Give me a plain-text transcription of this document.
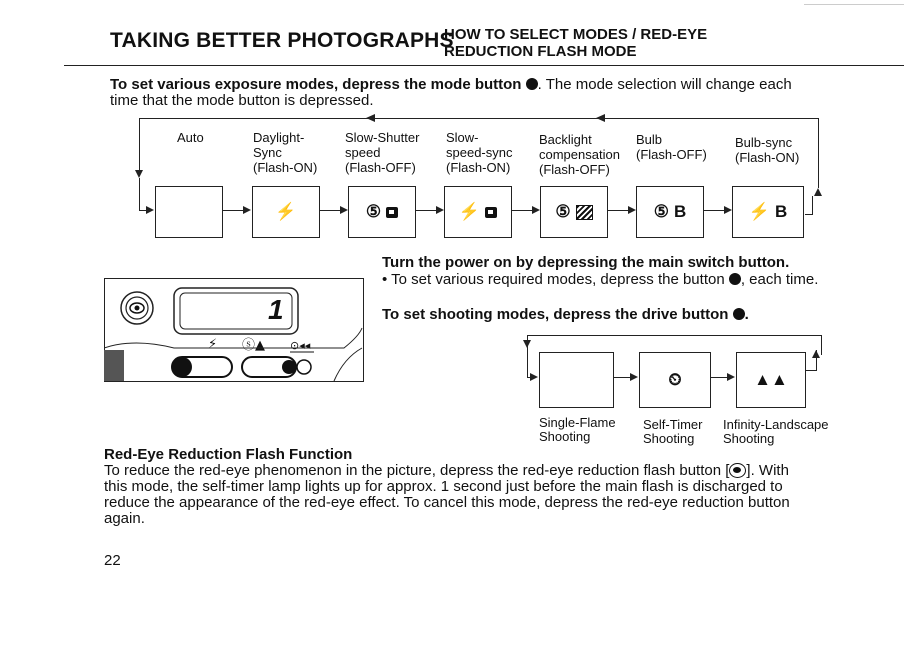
TAKING BETTER PHOTOGRAPHS
HOW TO SELECT MODES / RED-EYE
REDUCTION FLASH MODE
To set various exposure modes, depress the mode button . The mode selection will change each
time that the mode button is depressed.
Auto	Daylight-
Sync
(Flash-ON)
Slow-Shutter
speed
(Flash-OFF)
Slow-
speed-sync
(Flash-ON)
Backlight
compensation
(Flash-OFF)
Bulb
(Flash-OFF)
Bulb-sync
(Flash-ON)
⚡	⑤	⚡	⑤	⑤ B	⚡ B
⚡ ⓢ▲ ⊙◂◂
1
Turn the power on by depressing the main switch button.
• To set various required modes, depress the button , each time.
To set shooting modes, depress the drive button .
⏲	▲▲
Single-Flame
Shooting
Self-Timer
Shooting
Infinity-Landscape
Shooting
Red-Eye Reduction Flash Function
To reduce the red-eye phenomenon in the picture, depress the red-eye reduction flash button [ ]. With
this mode, the self-timer lamp lights up for approx. 1 second just before the main flash is discharged to
reduce the appearance of the red-eye effect. To cancel this mode, depress the red-eye reduction button
again.
22
